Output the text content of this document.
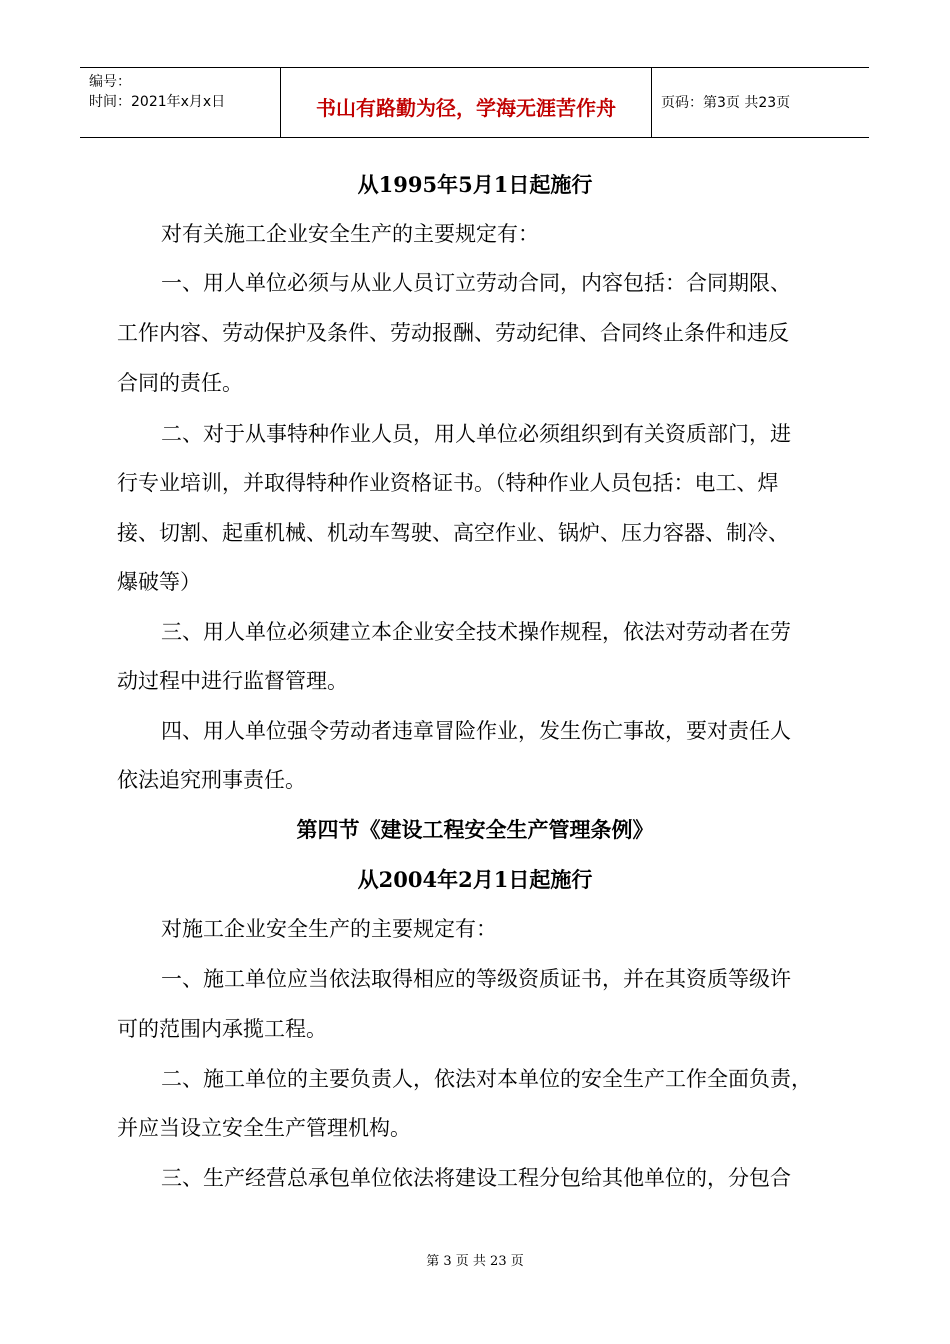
编号：
时间：2021年x月x日	书山有路勤为径，学海无涯苦作舟	页码：第3页 共23页
从1995年5月1日起施行
对有关施工企业安全生产的主要规定有：
一、用人单位必须与从业人员订立劳动合同，内容包括：合同期限、
工作内容、劳动保护及条件、劳动报酬、劳动纪律、合同终止条件和违反
合同的责任。
二、对于从事特种作业人员，用人单位必须组织到有关资质部门，进
行专业培训，并取得特种作业资格证书。（特种作业人员包括：电工、焊
接、切割、起重机械、机动车驾驶、高空作业、锅炉、压力容器、制冷、
爆破等）
三、用人单位必须建立本企业安全技术操作规程，依法对劳动者在劳
动过程中进行监督管理。
四、用人单位强令劳动者违章冒险作业，发生伤亡事故，要对责任人
依法追究刑事责任。
第四节《建设工程安全生产管理条例》
从2004年2月1日起施行
对施工企业安全生产的主要规定有：
一、施工单位应当依法取得相应的等级资质证书，并在其资质等级许
可的范围内承揽工程。
二、施工单位的主要负责人，依法对本单位的安全生产工作全面负责，
并应当设立安全生产管理机构。
三、生产经营总承包单位依法将建设工程分包给其他单位的，分包合
第 3 页 共 23 页
